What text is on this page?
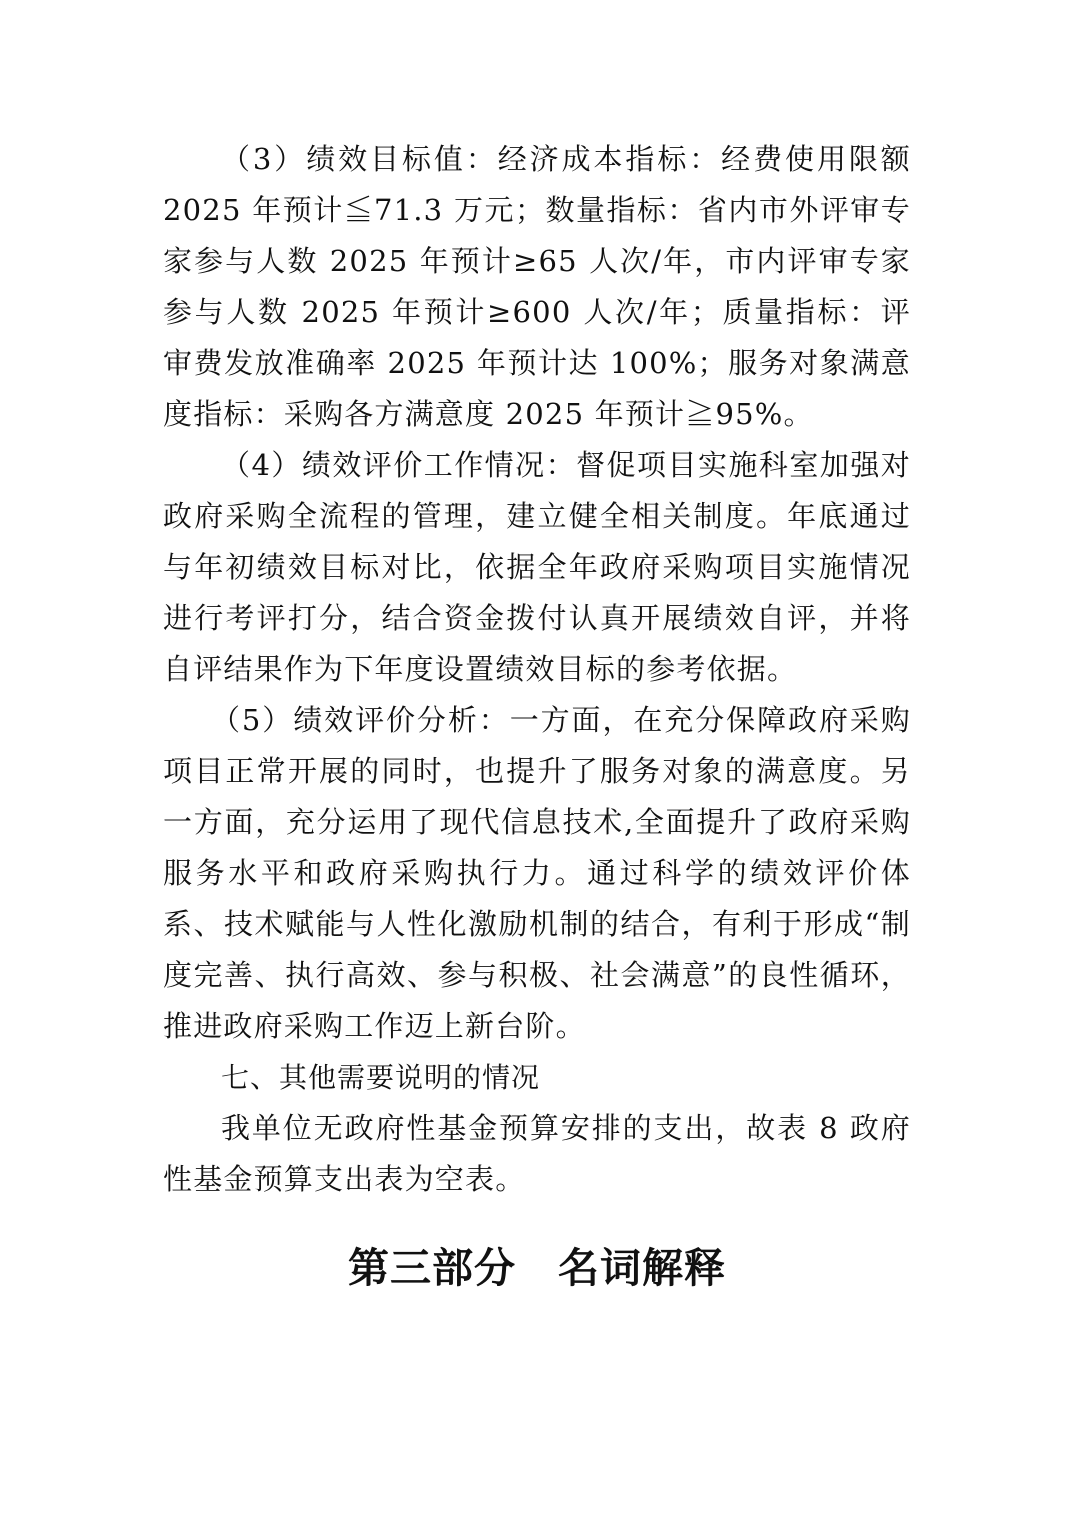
（3）绩效目标值：经济成本指标：经费使用限额 2025 年预计≦71.3 万元；数量指标：省内市外评审专家参与人数 2025 年预计≥65 人次/年，市内评审专家参与人数 2025 年预计≥600 人次/年；质量指标：评审费发放准确率 2025 年预计达 100%；服务对象满意度指标：采购各方满意度 2025 年预计≧95%。

（4）绩效评价工作情况：督促项目实施科室加强对政府采购全流程的管理，建立健全相关制度。年底通过与年初绩效目标对比，依据全年政府采购项目实施情况进行考评打分，结合资金拨付认真开展绩效自评，并将自评结果作为下年度设置绩效目标的参考依据。

（5）绩效评价分析：一方面，在充分保障政府采购项目正常开展的同时，也提升了服务对象的满意度。另一方面，充分运用了现代信息技术,全面提升了政府采购服务水平和政府采购执行力。通过科学的绩效评价体系、技术赋能与人性化激励机制的结合，有利于形成“制度完善、执行高效、参与积极、社会满意”的良性循环，推进政府采购工作迈上新台阶。

七、其他需要说明的情况

我单位无政府性基金预算安排的支出，故表 8 政府性基金预算支出表为空表。

第三部分　名词解释
